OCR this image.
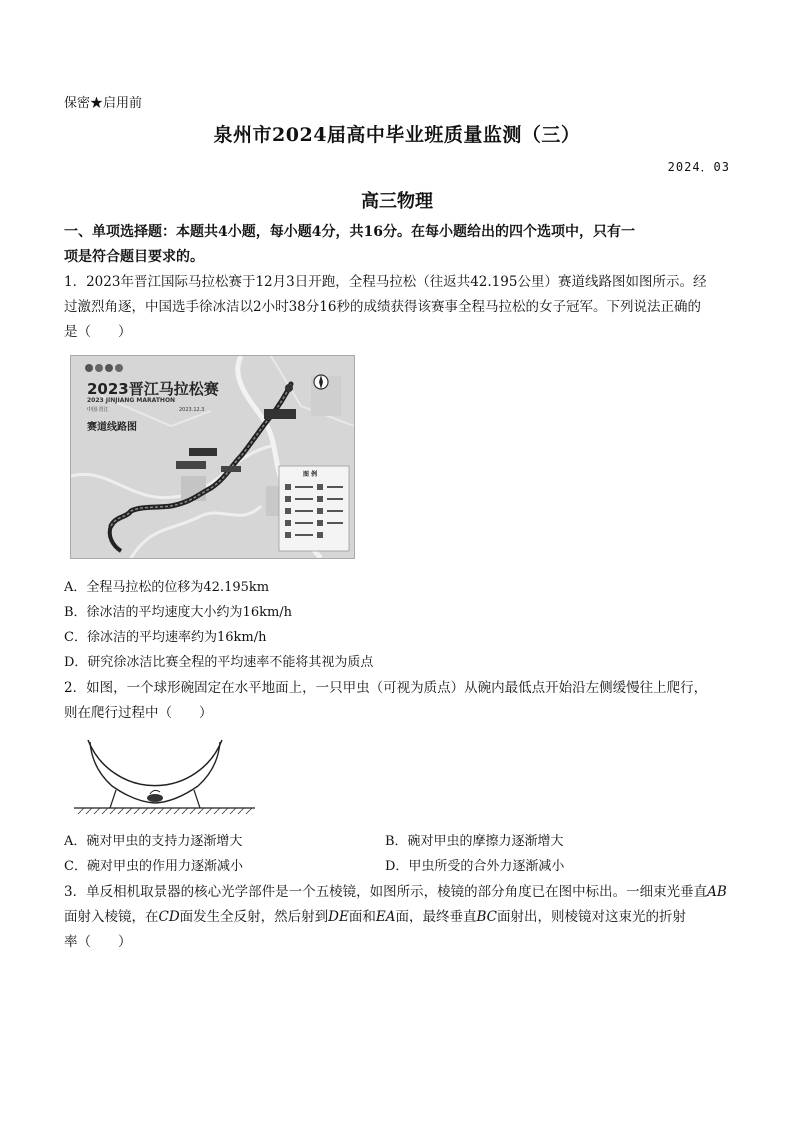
保密★启用前
泉州市2024届高中毕业班质量监测（三）
2024．03
高三物理
一、单项选择题：本题共4小题，每小题4分，共16分。在每小题给出的四个选项中，只有一
项是符合题目要求的。
1．2023年晋江国际马拉松赛于12月3日开跑，全程马拉松（往返共42.195公里）赛道线路图如图所示。经
过激烈角逐，中国选手徐冰洁以2小时38分16秒的成绩获得该赛事全程马拉松的女子冠军。下列说法正确的
是（　　）
2023晋江马拉松赛
2023 JINJIANG MARATHON
中国·晋江	2023.12.3
赛道线路图
图 例
A．全程马拉松的位移为42.195km
B．徐冰洁的平均速度大小约为16km/h
C．徐冰洁的平均速率约为16km/h
D．研究徐冰洁比赛全程的平均速率不能将其视为质点
2．如图，一个球形碗固定在水平地面上，一只甲虫（可视为质点）从碗内最低点开始沿左侧缓慢往上爬行，
则在爬行过程中（　　）
A．碗对甲虫的支持力逐渐增大	B．碗对甲虫的摩擦力逐渐增大
C．碗对甲虫的作用力逐渐减小	D．甲虫所受的合外力逐渐减小
3．单反相机取景器的核心光学部件是一个五棱镜，如图所示，棱镜的部分角度已在图中标出。一细束光垂直AB 面射入棱镜，在CD面发生全反射，然后射到DE面和EA面，最终垂直BC面射出，则棱镜对这束光的折射
率（　　）
